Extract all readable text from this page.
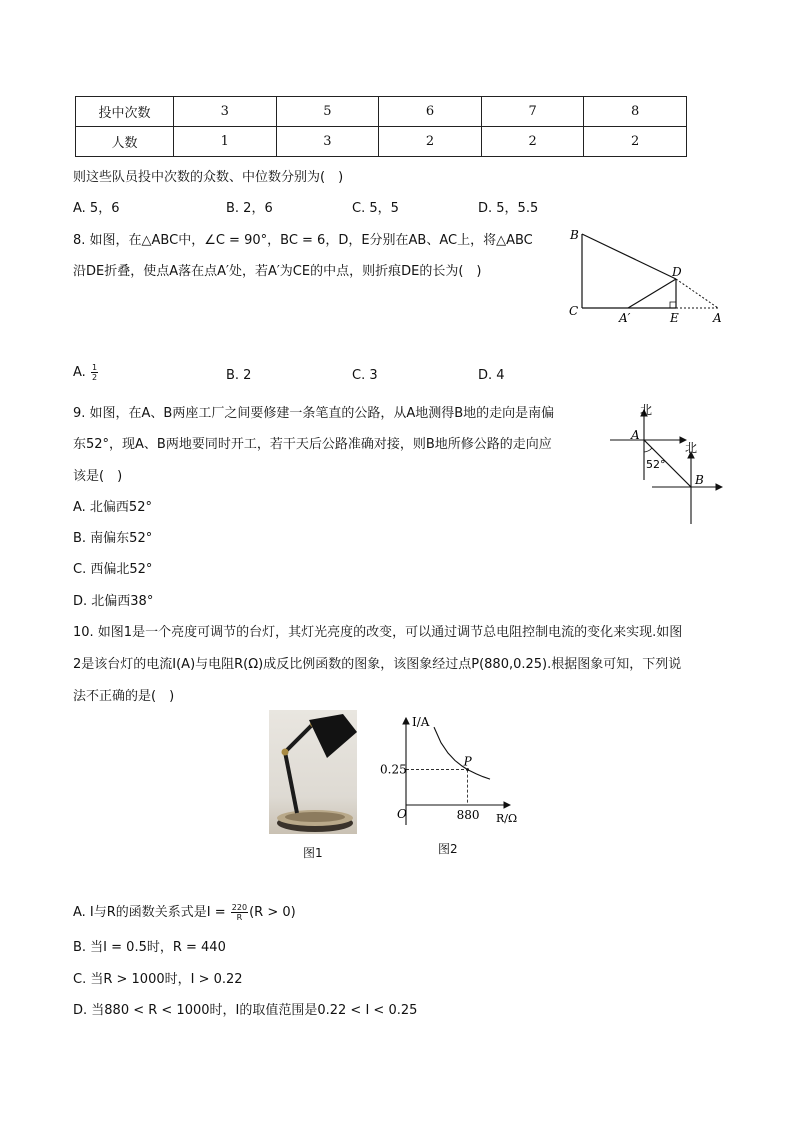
投中次数	3	5	6	7	8
人数	1	3	2	2	2
则这些队员投中次数的众数、中位数分别为(　)
A. 5，6	B. 2，6	C. 5，5	D. 5，5.5
8. 如图，在△ABC中，∠C = 90°，BC = 6，D，E分别在AB、AC上，将△ABC
沿DE折叠，使点A落在点A′处，若A′为CE的中点，则折痕DE的长为(　)
B
C
D
A′	E	A
A. $\frac{1}{2}$	B. 2	C. 3	D. 4
9. 如图，在A、B两座工厂之间要修建一条笔直的公路，从A地测得B地的走向是南偏
东52°，现A、B两地要同时开工，若干天后公路准确对接，则B地所修公路的走向应
该是(　)
北
北
A
B
52°
A. 北偏西52°
B. 南偏东52°
C. 西偏北52°
D. 北偏西38°
10. 如图1是一个亮度可调节的台灯，其灯光亮度的改变，可以通过调节总电阻控制电流的变化来实现.如图
2是该台灯的电流I(A)与电阻R(Ω)成反比例函数的图象，该图象经过点P(880,0.25).根据图象可知，下列说
法不正确的是(　)
图1
I/A
R/Ω
O
0.25
880
P
图2
A. I与R的函数关系式是$I = \frac{220}{R} (R > 0)$
B. 当I = 0.5时，R = 440
C. 当R > 1000时，I > 0.22
D. 当880 < R < 1000时，I的取值范围是0.22 < I < 0.25
